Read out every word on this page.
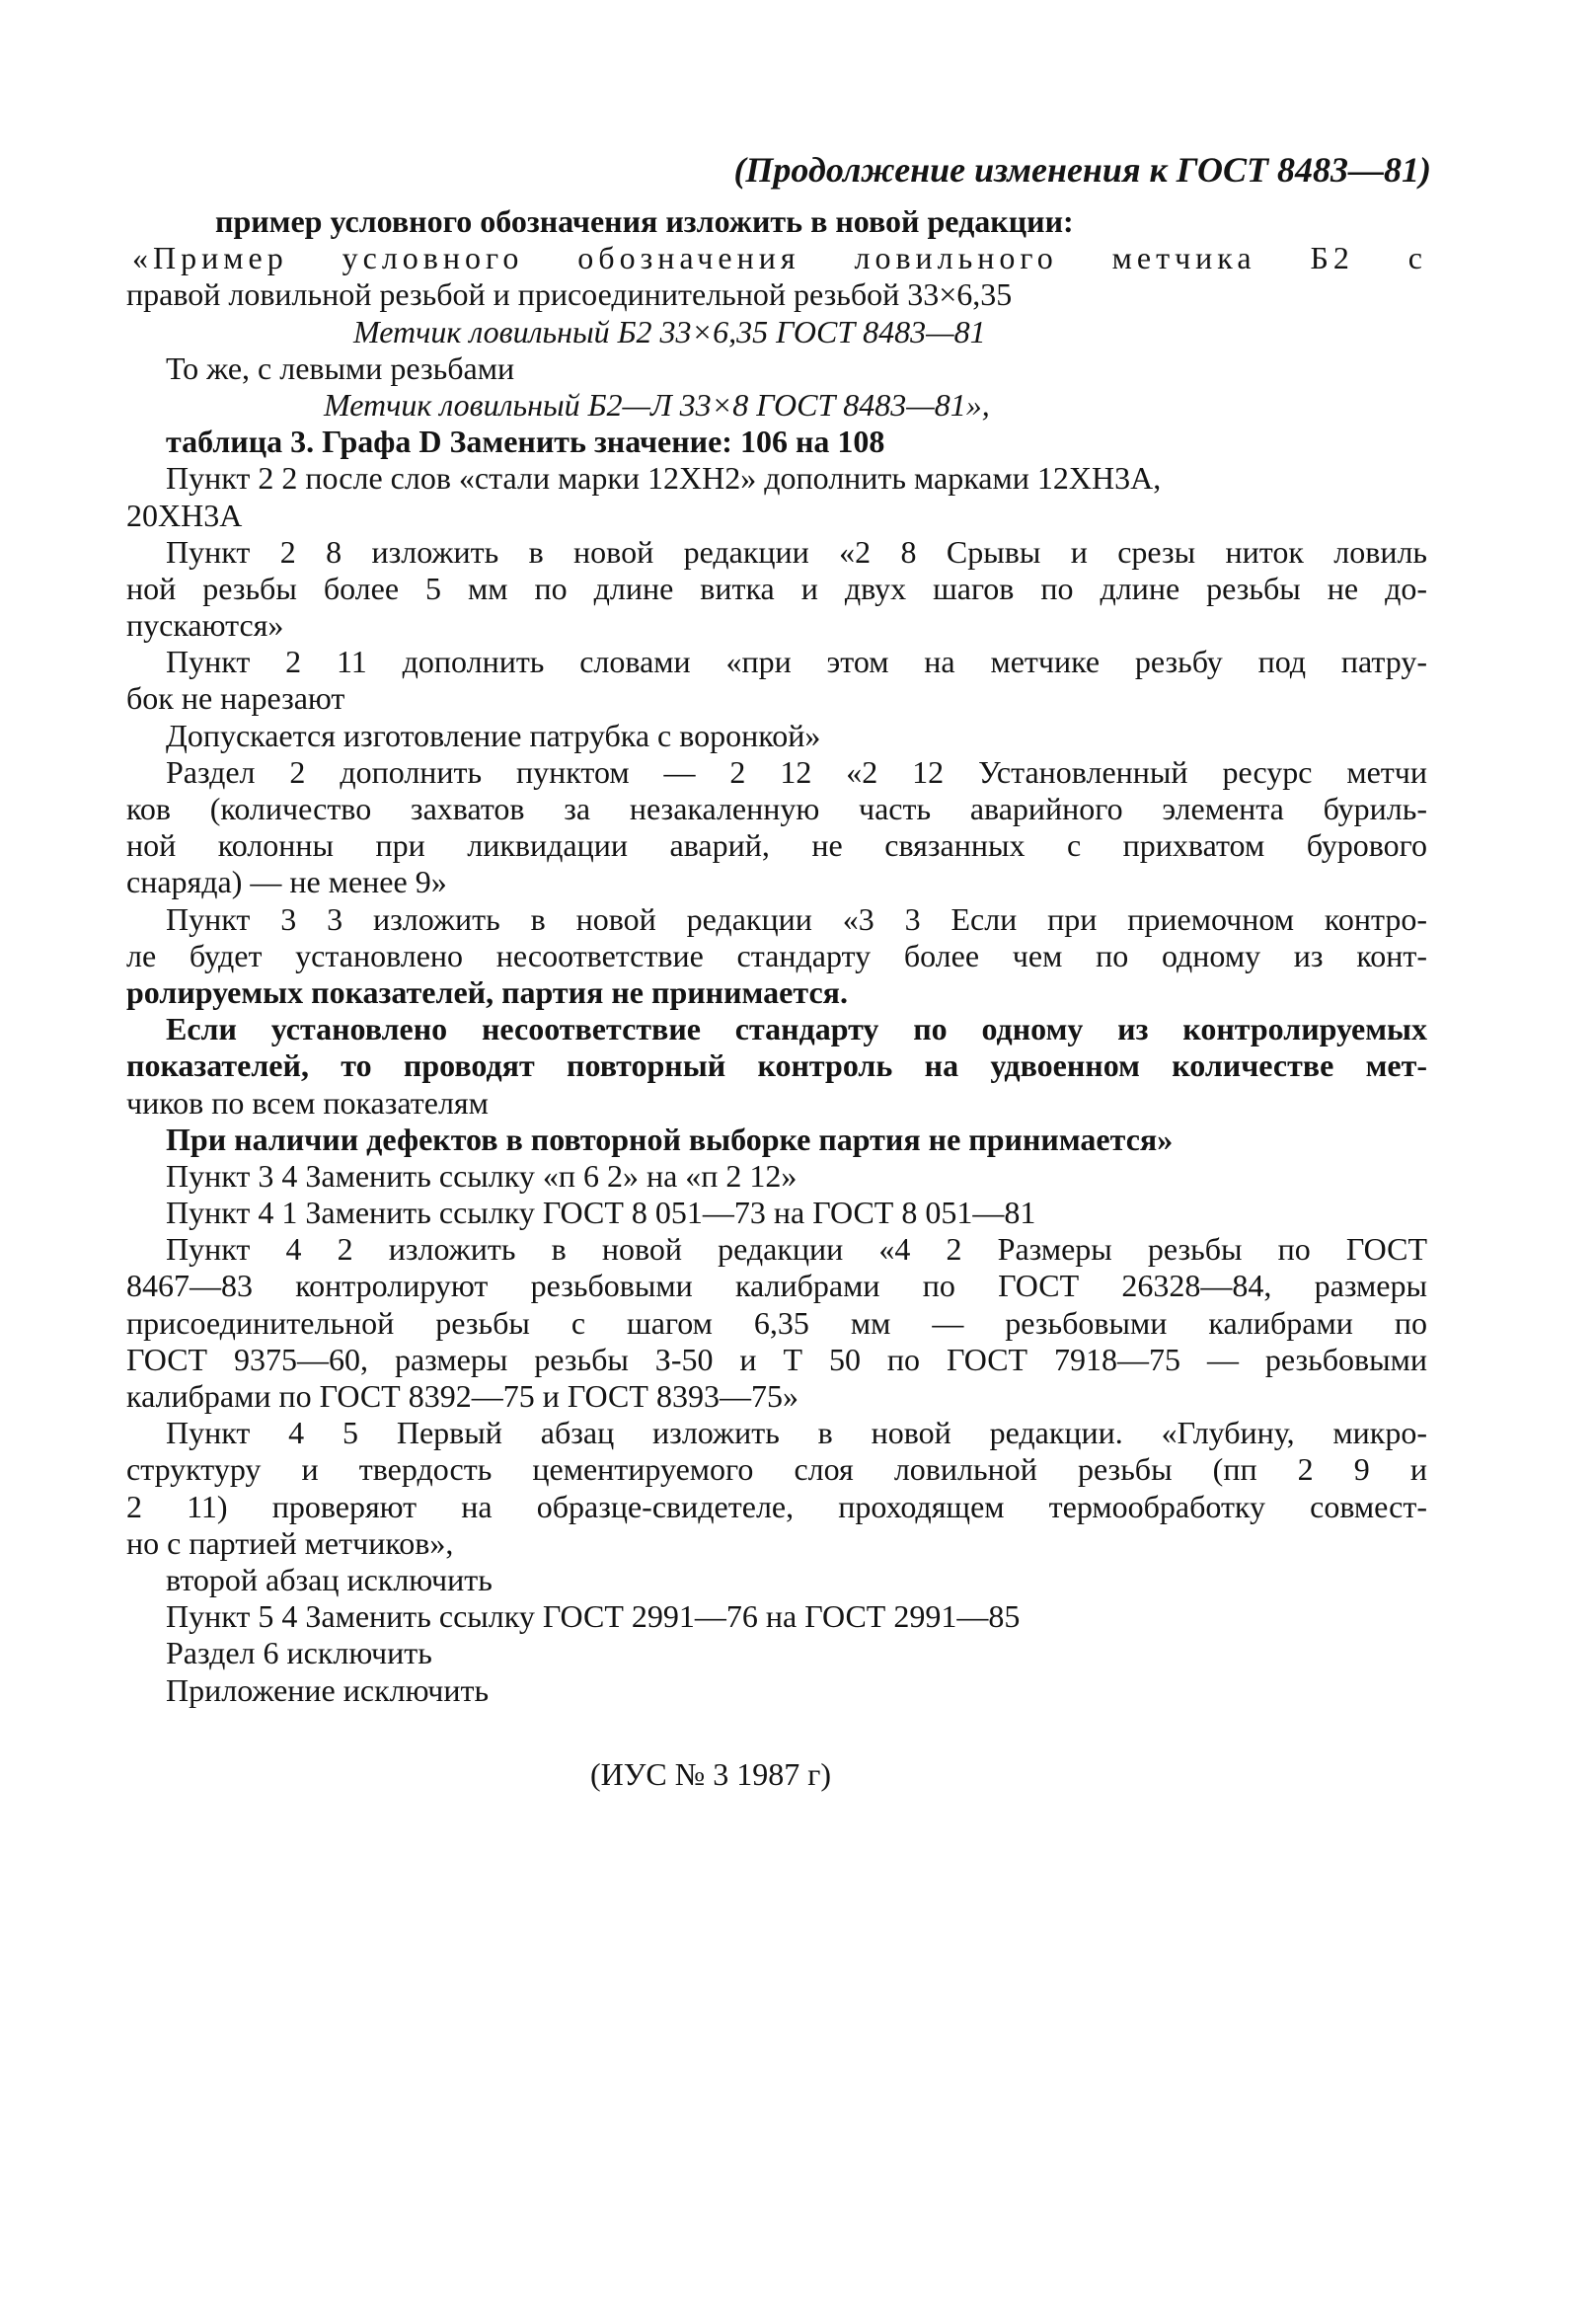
(Продолжение изменения к ГОСТ 8483—81)
пример условного обозначения изложить в новой редакции:
«Пример условного обозначения ловильного метчика Б2 с
правой ловильной резьбой и присоединительной резьбой 33×6,35
Метчик ловильный Б2 33×6,35 ГОСТ 8483—81
То же, с левыми резьбами
Метчик ловильный Б2—Л 33×8 ГОСТ 8483—81»,
таблица 3. Графа D Заменить значение: 106 на 108
Пункт 2 2 после слов «стали марки 12ХН2» дополнить марками 12ХН3А,
20ХН3А
Пункт 2 8 изложить в новой редакции «2 8 Срывы и срезы ниток ловиль
ной резьбы более 5 мм по длине витка и двух шагов по длине резьбы не до-
пускаются»
Пункт 2 11 дополнить словами «при этом на метчике резьбу под патру-
бок не нарезают
Допускается изготовление патрубка с воронкой»
Раздел 2 дополнить пунктом — 2 12 «2 12 Установленный ресурс метчи
ков (количество захватов за незакаленную часть аварийного элемента буриль-
ной колонны при ликвидации аварий, не связанных с прихватом бурового
снаряда) — не менее 9»
Пункт 3 3 изложить в новой редакции «3 3 Если при приемочном контро-
ле будет установлено несоответствие стандарту более чем по одному из конт-
ролируемых показателей, партия не принимается.
Если установлено несоответствие стандарту по одному из контролируемых
показателей, то проводят повторный контроль на удвоенном количестве мет-
чиков по всем показателям
При наличии дефектов в повторной выборке партия не принимается»
Пункт 3 4 Заменить ссылку «п 6 2» на «п 2 12»
Пункт 4 1 Заменить ссылку ГОСТ 8 051—73 на ГОСТ 8 051—81
Пункт 4 2 изложить в новой редакции «4 2 Размеры резьбы по ГОСТ
8467—83 контролируют резьбовыми калибрами по ГОСТ 26328—84, размеры
присоединительной резьбы с шагом 6,35 мм — резьбовыми калибрами по
ГОСТ 9375—60, размеры резьбы З-50 и Т 50 по ГОСТ 7918—75 — резьбовыми
калибрами по ГОСТ 8392—75 и ГОСТ 8393—75»
Пункт 4 5 Первый абзац изложить в новой редакции. «Глубину, микро-
структуру и твердость цементируемого слоя ловильной резьбы (пп 2 9 и
2 11) проверяют на образце-свидетеле, проходящем термообработку совмест-
но с партией метчиков»,
второй абзац исключить
Пункт 5 4 Заменить ссылку ГОСТ 2991—76 на ГОСТ 2991—85
Раздел 6 исключить
Приложение исключить
(ИУС № 3 1987 г)
